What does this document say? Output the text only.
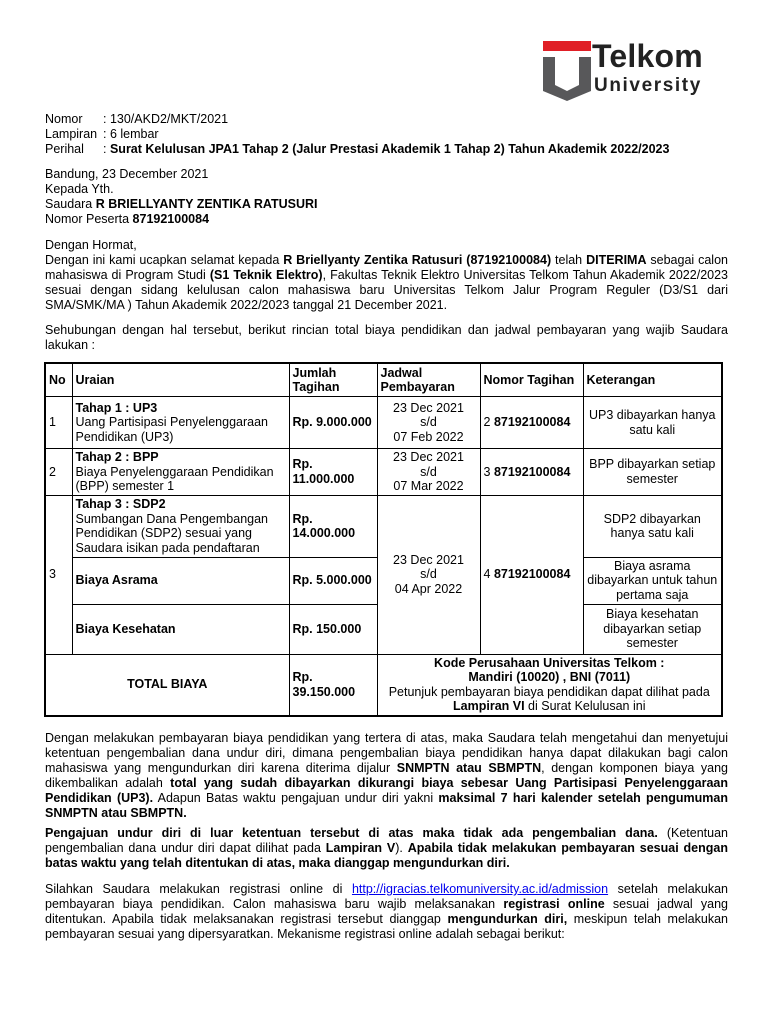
Telkom
University
Nomor	: 130/AKD2/MKT/2021
Lampiran : 6 lembar
Perihal	:
Surat Kelulusan JPA1 Tahap 2 (Jalur Prestasi Akademik 1 Tahap 2) Tahun Akademik 2022/2023
Bandung, 23 December 2021
Kepada Yth.
Saudara R BRIELLYANTY ZENTIKA RATUSURI
Nomor Peserta 87192100084
Dengan Hormat,
Dengan ini kami ucapkan selamat kepada R Briellyanty Zentika Ratusuri (87192100084) telah DITERIMA sebagai calon mahasiswa di Program Studi (S1 Teknik Elektro), Fakultas Teknik Elektro Universitas Telkom Tahun Akademik 2022/2023 sesuai dengan sidang kelulusan calon mahasiswa baru Universitas Telkom Jalur Program Reguler (D3/S1 dari SMA/SMK/MA ) Tahun Akademik 2022/2023 tanggal 21 December 2021.
Sehubungan dengan hal tersebut, berikut rincian total biaya pendidikan dan jadwal pembayaran yang wajib Saudara lakukan :
No	Uraian	Jumlah Tagihan	Jadwal Pembayaran	Nomor Tagihan	Keterangan
1	Tahap 1 : UP3
Uang Partisipasi Penyelenggaraan Pendidikan (UP3)	Rp. 9.000.000	23 Dec 2021
s/d
07 Feb 2022	2 87192100084	UP3 dibayarkan hanya satu kali
2	Tahap 2 : BPP
Biaya Penyelenggaraan Pendidikan (BPP) semester 1	Rp. 11.000.000	23 Dec 2021
s/d
07 Mar 2022	3 87192100084	BPP dibayarkan setiap semester
3	Tahap 3 : SDP2
Sumbangan Dana Pengembangan Pendidikan (SDP2) sesuai yang Saudara isikan pada pendaftaran	Rp. 14.000.000	23 Dec 2021
s/d
04 Apr 2022	4 87192100084	SDP2 dibayarkan hanya satu kali
	Biaya Asrama	Rp. 5.000.000			Biaya asrama dibayarkan untuk tahun pertama saja
	Biaya Kesehatan	Rp. 150.000			Biaya kesehatan dibayarkan setiap semester
TOTAL BIAYA		Rp. 39.150.000	Kode Perusahaan Universitas Telkom :
Mandiri (10020) , BNI (7011)
Petunjuk pembayaran biaya pendidikan dapat dilihat pada
Lampiran VI di Surat Kelulusan ini		
Dengan melakukan pembayaran biaya pendidikan yang tertera di atas, maka Saudara telah mengetahui dan menyetujui ketentuan pengembalian dana undur diri, dimana pengembalian biaya pendidikan hanya dapat dilakukan bagi calon mahasiswa yang mengundurkan diri karena diterima dijalur SNMPTN atau SBMPTN, dengan komponen biaya yang dikembalikan adalah total yang sudah dibayarkan dikurangi biaya sebesar Uang Partisipasi Penyelenggaraan Pendidikan (UP3). Adapun Batas waktu pengajuan undur diri yakni maksimal 7 hari kalender setelah pengumuman SNMPTN atau SBMPTN.
Pengajuan undur diri di luar ketentuan tersebut di atas maka tidak ada pengembalian dana. (Ketentuan pengembalian dana undur diri dapat dilihat pada Lampiran V). Apabila tidak melakukan pembayaran sesuai dengan batas waktu yang telah ditentukan di atas, maka dianggap mengundurkan diri.
Silahkan Saudara melakukan registrasi online di http://igracias.telkomuniversity.ac.id/admission setelah melakukan pembayaran biaya pendidikan. Calon mahasiswa baru wajib melaksanakan registrasi online sesuai jadwal yang ditentukan. Apabila tidak melaksanakan registrasi tersebut dianggap mengundurkan diri, meskipun telah melakukan pembayaran sesuai yang dipersyaratkan. Mekanisme registrasi online adalah sebagai berikut:
